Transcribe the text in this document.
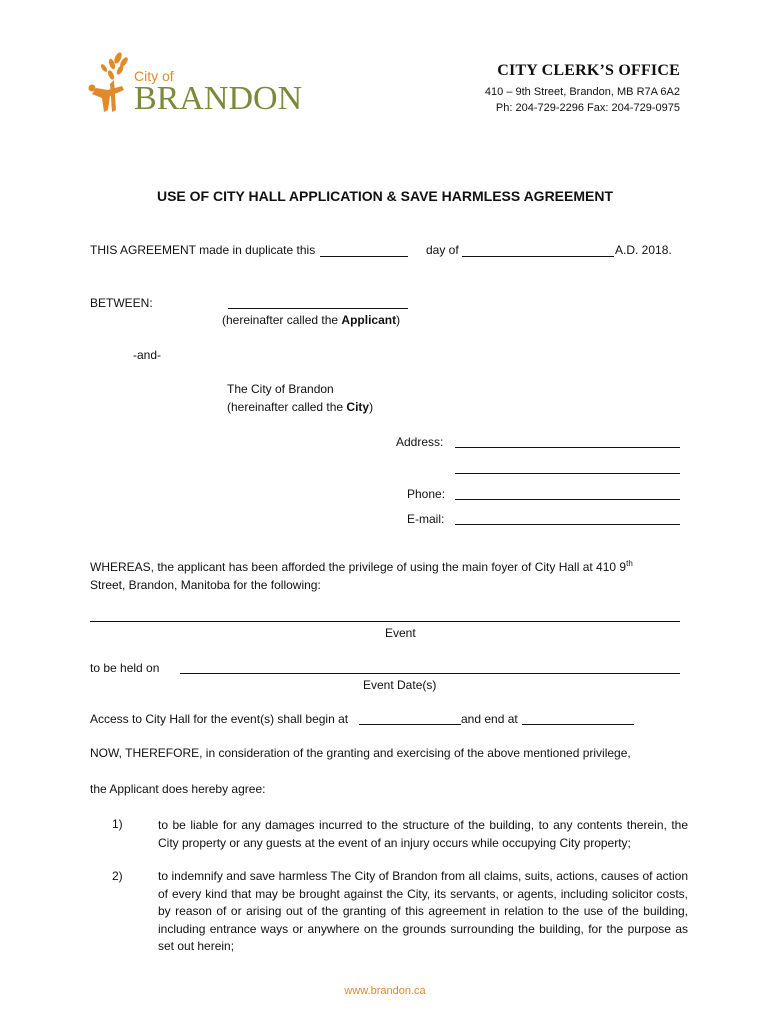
City of
BRANDON
CITY CLERK’S OFFICE
410 – 9th Street, Brandon, MB R7A 6A2
Ph: 204-729-2296 Fax: 204-729-0975
USE OF CITY HALL APPLICATION & SAVE HARMLESS AGREEMENT
THIS AGREEMENT made in duplicate this	day of	A.D. 2018.
BETWEEN:
(hereinafter called the Applicant)
-and-
The City of Brandon
(hereinafter called the City)
Address:
Phone:
E-mail:
WHEREAS, the applicant has been afforded the privilege of using the main foyer of City Hall at 410 9th
Street, Brandon, Manitoba for the following:
Event
to be held on
Event Date(s)
Access to City Hall for the event(s) shall begin at	and end at
NOW, THEREFORE, in consideration of the granting and exercising of the above mentioned privilege,
the Applicant does hereby agree:
1)	to be liable for any damages incurred to the structure of the building, to any contents therein, the City property or any guests at the event of an injury occurs while occupying City property;
2)	to indemnify and save harmless The City of Brandon from all claims, suits, actions, causes of action of every kind that may be brought against the City, its servants, or agents, including solicitor costs, by reason of or arising out of the granting of this agreement in relation to the use of the building, including entrance ways or anywhere on the grounds surrounding the building, for the purpose as set out herein;
www.brandon.ca
